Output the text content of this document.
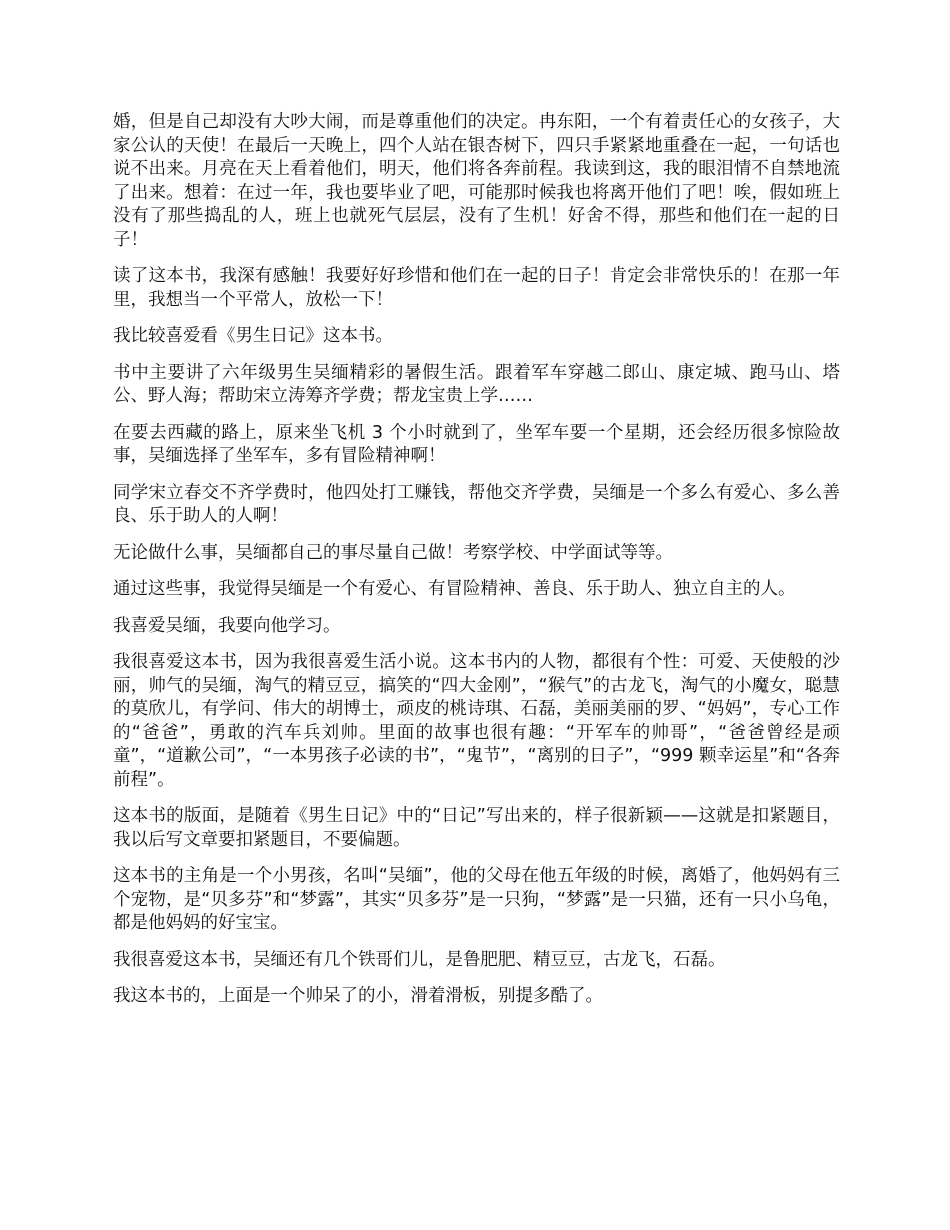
婚，但是自己却没有大吵大闹，而是尊重他们的决定。冉东阳，一个有着责任心的女孩子，大家公认的天使！在最后一天晚上，四个人站在银杏树下，四只手紧紧地重叠在一起，一句话也说不出来。月亮在天上看着他们，明天，他们将各奔前程。我读到这，我的眼泪情不自禁地流了出来。想着：在过一年，我也要毕业了吧，可能那时候我也将离开他们了吧！唉，假如班上没有了那些捣乱的人，班上也就死气层层，没有了生机！好舍不得，那些和他们在一起的日子！

读了这本书，我深有感触！我要好好珍惜和他们在一起的日子！肯定会非常快乐的！在那一年里，我想当一个平常人，放松一下！

我比较喜爱看《男生日记》这本书。

书中主要讲了六年级男生吴缅精彩的暑假生活。跟着军车穿越二郎山、康定城、跑马山、塔公、野人海；帮助宋立涛筹齐学费；帮龙宝贵上学……

在要去西藏的路上，原来坐飞机 3 个小时就到了，坐军车要一个星期，还会经历很多惊险故事，吴缅选择了坐军车，多有冒险精神啊！

同学宋立春交不齐学费时，他四处打工赚钱，帮他交齐学费，吴缅是一个多么有爱心、多么善良、乐于助人的人啊！

无论做什么事，吴缅都自己的事尽量自己做！考察学校、中学面试等等。

通过这些事，我觉得吴缅是一个有爱心、有冒险精神、善良、乐于助人、独立自主的人。

我喜爱吴缅，我要向他学习。

我很喜爱这本书，因为我很喜爱生活小说。这本书内的人物，都很有个性：可爱、天使般的沙丽，帅气的吴缅，淘气的精豆豆，搞笑的“四大金刚”，“猴气”的古龙飞，淘气的小魔女，聪慧的莫欣儿，有学问、伟大的胡博士，顽皮的桃诗琪、石磊，美丽美丽的罗、“妈妈”，专心工作的“爸爸”，勇敢的汽车兵刘帅。里面的故事也很有趣：“开军车的帅哥”，“爸爸曾经是顽童”，“道歉公司”，“一本男孩子必读的书”，“鬼节”，“离别的日子”，“999 颗幸运星”和“各奔前程”。

这本书的版面，是随着《男生日记》中的“日记”写出来的，样子很新颖——这就是扣紧题目，我以后写文章要扣紧题目，不要偏题。

这本书的主角是一个小男孩，名叫“吴缅”，他的父母在他五年级的时候，离婚了，他妈妈有三个宠物，是“贝多芬”和“梦露”，其实“贝多芬”是一只狗，“梦露”是一只猫，还有一只小乌龟，都是他妈妈的好宝宝。

我很喜爱这本书，吴缅还有几个铁哥们儿，是鲁肥肥、精豆豆，古龙飞，石磊。

我这本书的，上面是一个帅呆了的小，滑着滑板，别提多酷了。
